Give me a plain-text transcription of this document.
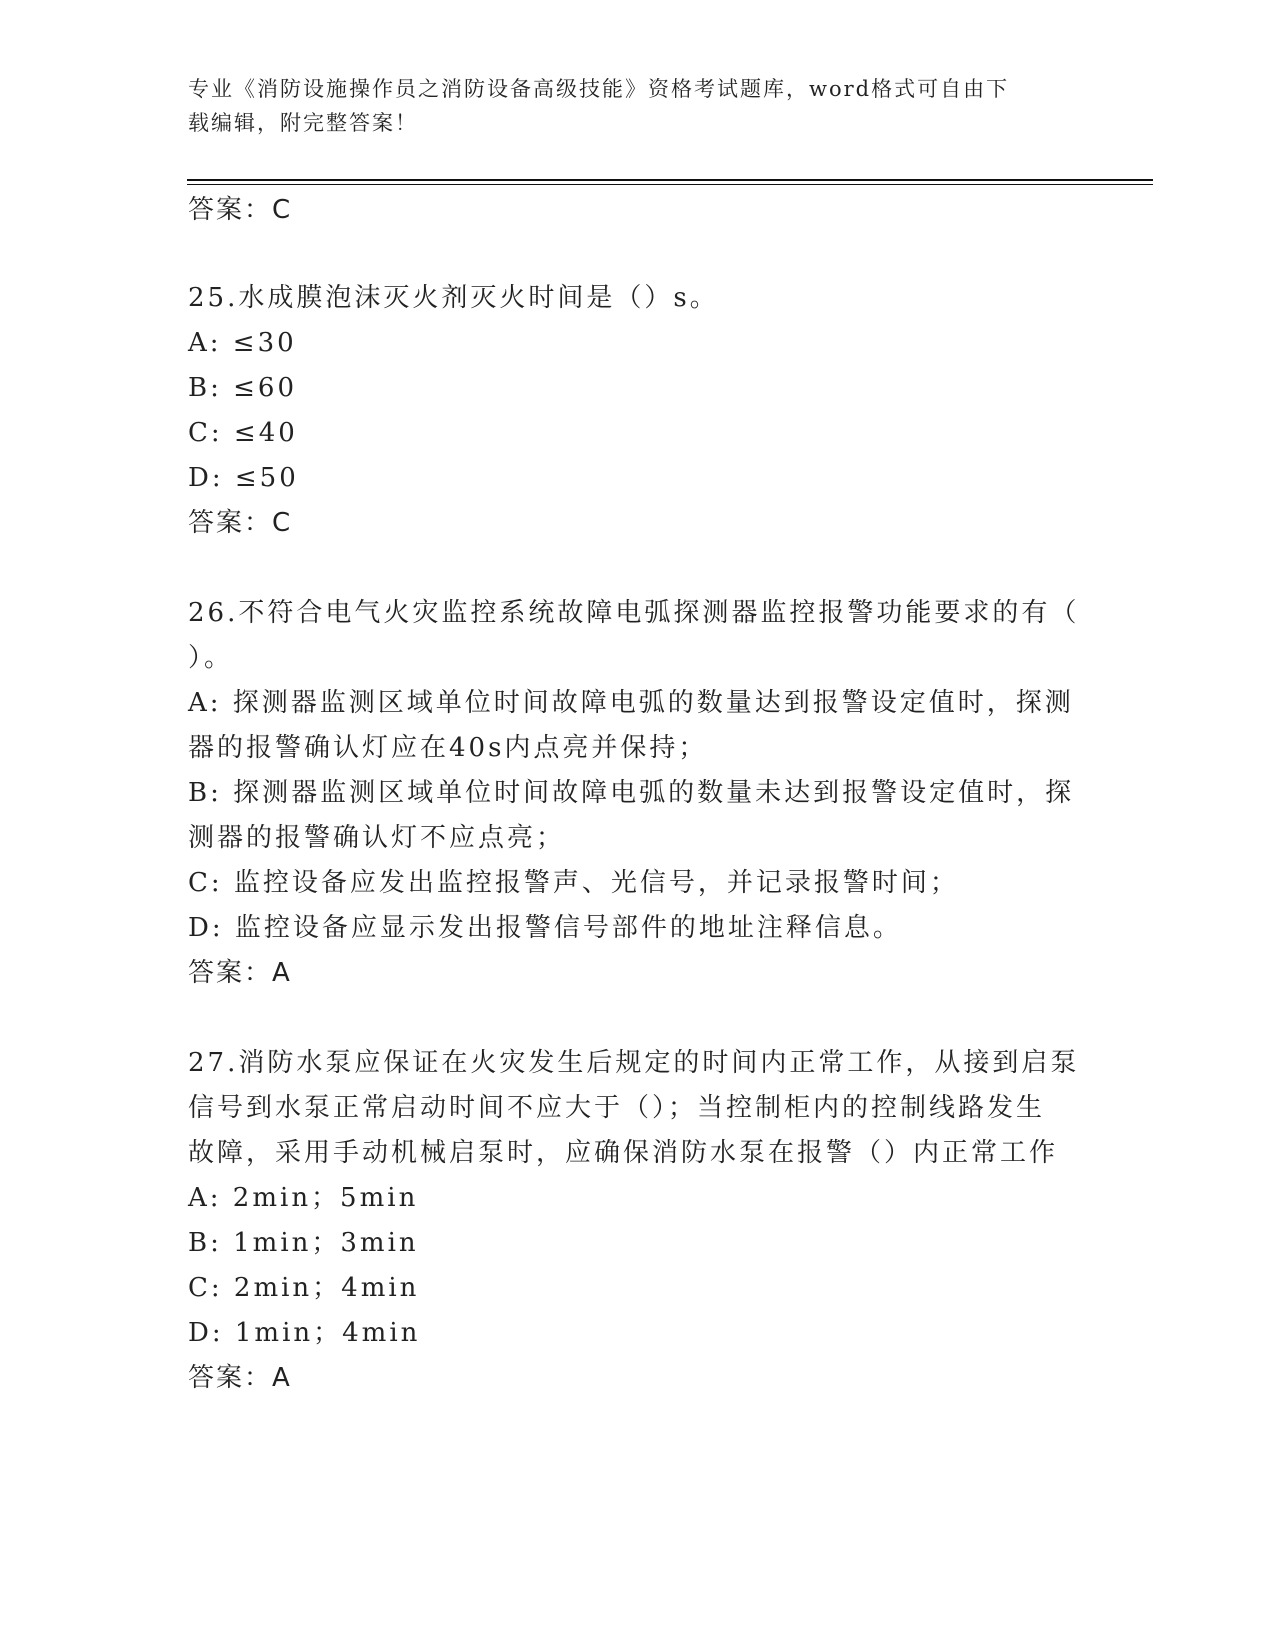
专业《消防设施操作员之消防设备高级技能》资格考试题库，word格式可自由下
载编辑，附完整答案！
答案：C
25.水成膜泡沫灭火剂灭火时间是（）s。
A: ≤30
B: ≤60
C: ≤40
D: ≤50
答案：C
26.不符合电气火灾监控系统故障电弧探测器监控报警功能要求的有（
）。
A: 探测器监测区域单位时间故障电弧的数量达到报警设定值时，探测
器的报警确认灯应在40s内点亮并保持；
B: 探测器监测区域单位时间故障电弧的数量未达到报警设定值时，探
测器的报警确认灯不应点亮；
C: 监控设备应发出监控报警声、光信号，并记录报警时间；
D: 监控设备应显示发出报警信号部件的地址注释信息。
答案：A
27.消防水泵应保证在火灾发生后规定的时间内正常工作，从接到启泵
信号到水泵正常启动时间不应大于（）；当控制柜内的控制线路发生
故障，采用手动机械启泵时，应确保消防水泵在报警（）内正常工作
A: 2min；5min
B: 1min；3min
C: 2min；4min
D: 1min；4min
答案：A
